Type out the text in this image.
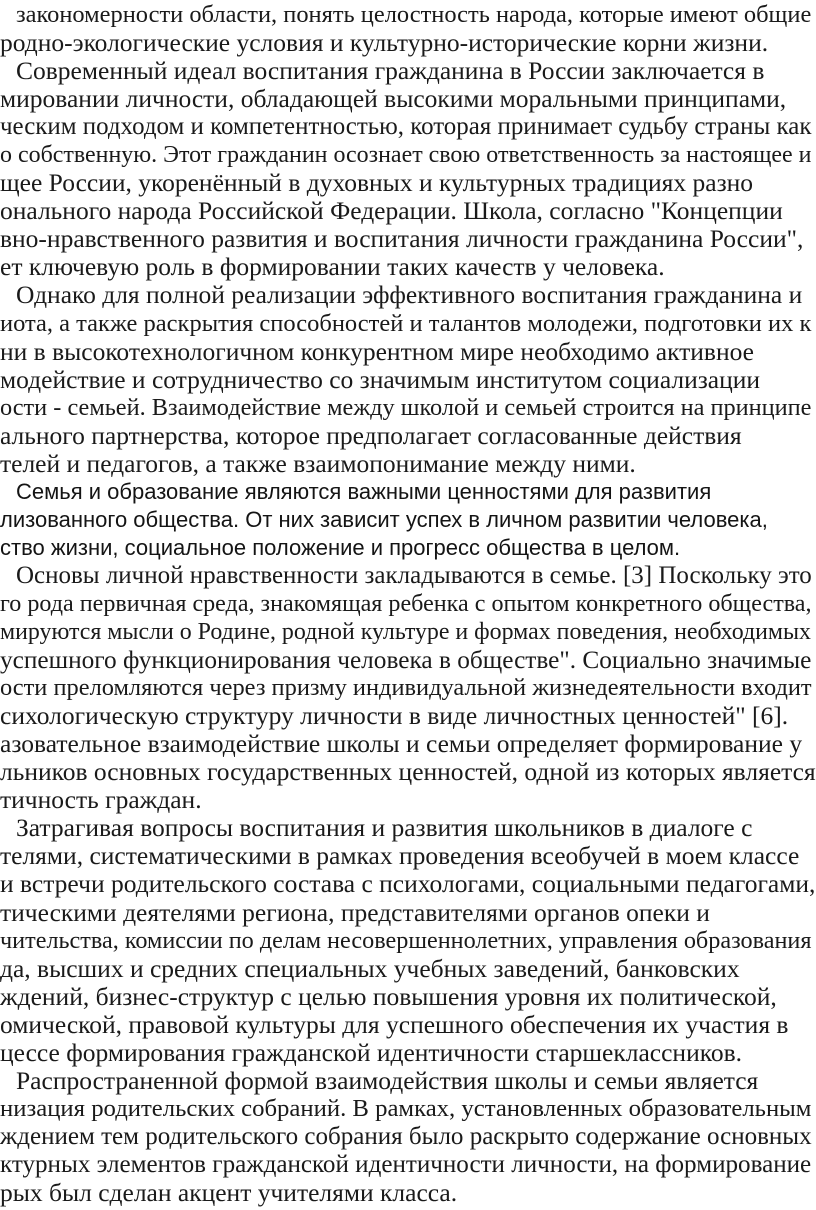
закономерности области, понять целостность народа, которые имеют общие
родно-экологические условия и культурно-исторические корни жизни.
Современный идеал воспитания гражданина в России заключается в
мировании личности, обладающей высокими моральными принципами,
ческим подходом и компетентностью, которая принимает судьбу страны как
о собственную. Этот гражданин осознает свою ответственность за настоящее и
щее России, укоренённый в духовных и культурных традициях разно
онального народа Российской Федерации. Школа, согласно "Концепции
вно-нравственного развития и воспитания личности гражданина России",
ет ключевую роль в формировании таких качеств у человека.
Однако для полной реализации эффективного воспитания гражданина и
иота, а также раскрытия способностей и талантов молодежи, подготовки их к
ни в высокотехнологичном конкурентном мире необходимо активное
модействие и сотрудничество со значимым институтом социализации
ости - семьей. Взаимодействие между школой и семьей строится на принципе
ального партнерства, которое предполагает согласованные действия
телей и педагогов, а также взаимопонимание между ними.
Семья и образование являются важными ценностями для развития
лизованного общества. От них зависит успех в личном развитии человека,
ство жизни, социальное положение и прогресс общества в целом.
Основы личной нравственности закладываются в семье. [3] Поскольку это
го рода первичная среда, знакомящая ребенка с опытом конкретного общества,
мируются мысли о Родине, родной культуре и формах поведения, необходимых
успешного функционирования человека в обществе". Социально значимые
ости преломляются через призму индивидуальной жизнедеятельности входит
сихологическую структуру личности в виде личностных ценностей" [6].
азовательное взаимодействие школы и семьи определяет формирование у
льников основных государственных ценностей, одной из которых является
тичность граждан.
Затрагивая вопросы воспитания и развития школьников в диалоге с
телями, систематическими в рамках проведения всеобучей в моем классе
и встречи родительского состава с психологами, социальными педагогами,
тическими деятелями региона, представителями органов опеки и
чительства, комиссии по делам несовершеннолетних, управления образования
да, высших и средних специальных учебных заведений, банковских
ждений, бизнес-структур с целью повышения уровня их политической,
омической, правовой культуры для успешного обеспечения их участия в
цессе формирования гражданской идентичности старшеклассников.
Распространенной формой взаимодействия школы и семьи является
низация родительских собраний. В рамках, установленных образовательным
ждением тем родительского собрания было раскрыто содержание основных
ктурных элементов гражданской идентичности личности, на формирование
рых был сделан акцент учителями класса.
